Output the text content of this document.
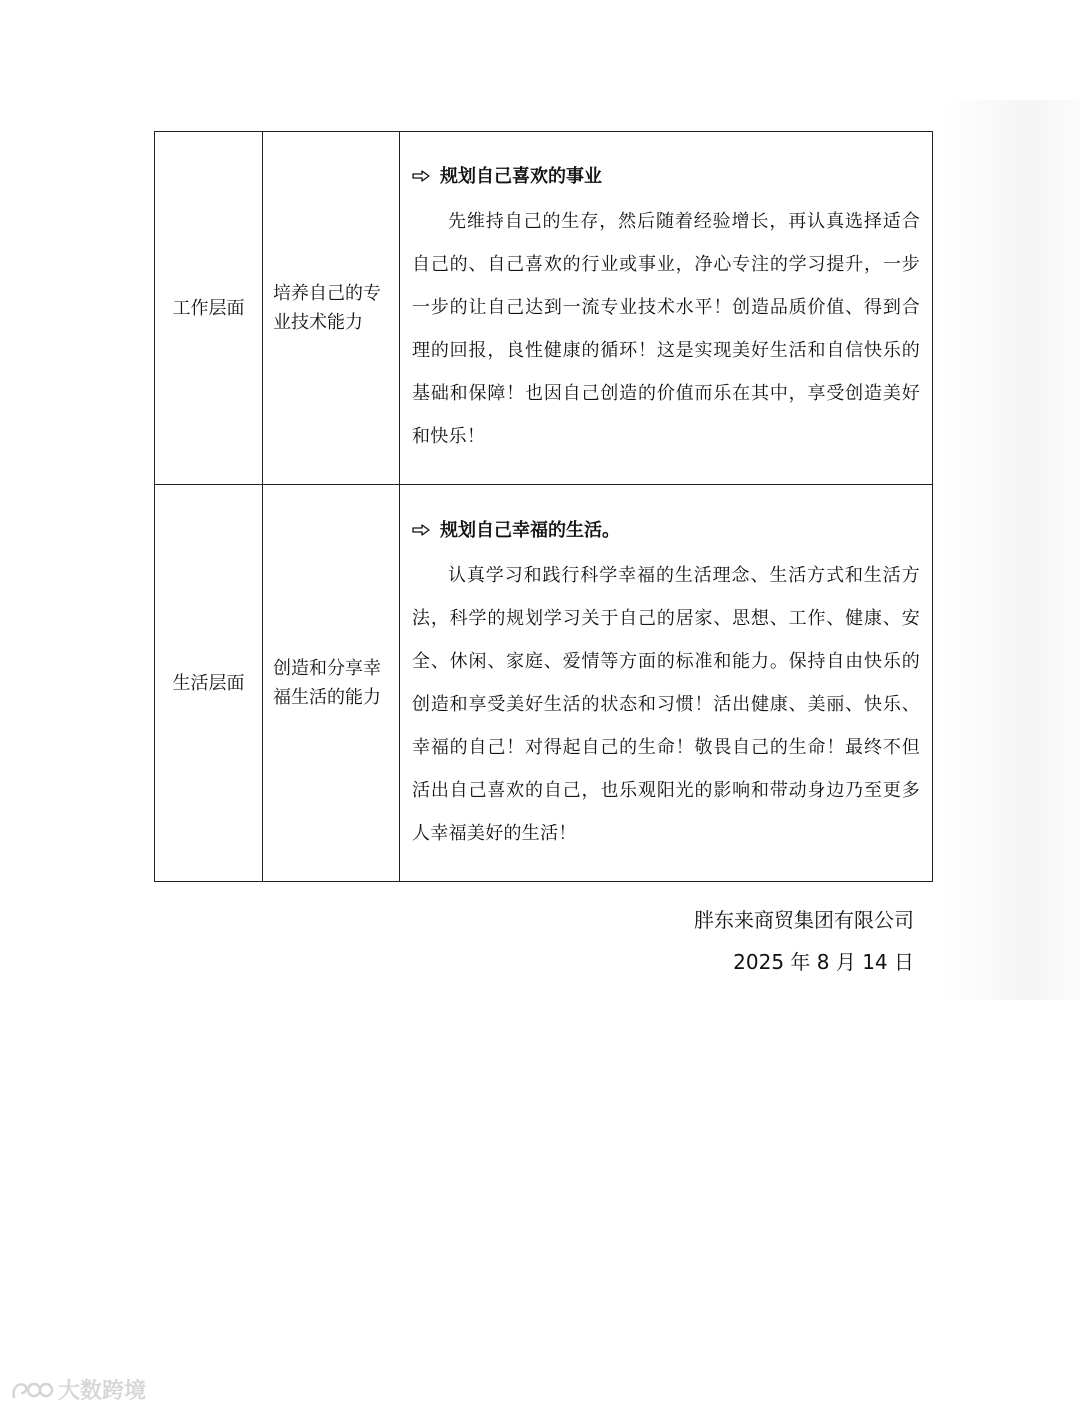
工作层面	培养自己的专业技术能力	规划自己喜欢的事业
先维持自己的生存，然后随着经验增长，再认真选择适合自己的、自己喜欢的行业或事业，净心专注的学习提升，一步一步的让自己达到一流专业技术水平！创造品质价值、得到合理的回报，良性健康的循环！这是实现美好生活和自信快乐的基础和保障！也因自己创造的价值而乐在其中，享受创造美好和快乐！

生活层面	创造和分享幸福生活的能力	规划自己幸福的生活。
认真学习和践行科学幸福的生活理念、生活方式和生活方法，科学的规划学习关于自己的居家、思想、工作、健康、安全、休闲、家庭、爱情等方面的标准和能力。保持自由快乐的创造和享受美好生活的状态和习惯！活出健康、美丽、快乐、幸福的自己！对得起自己的生命！敬畏自己的生命！最终不但活出自己喜欢的自己，也乐观阳光的影响和带动身边乃至更多人幸福美好的生活！
胖东来商贸集团有限公司
2025 年 8 月 14 日
大数跨境
